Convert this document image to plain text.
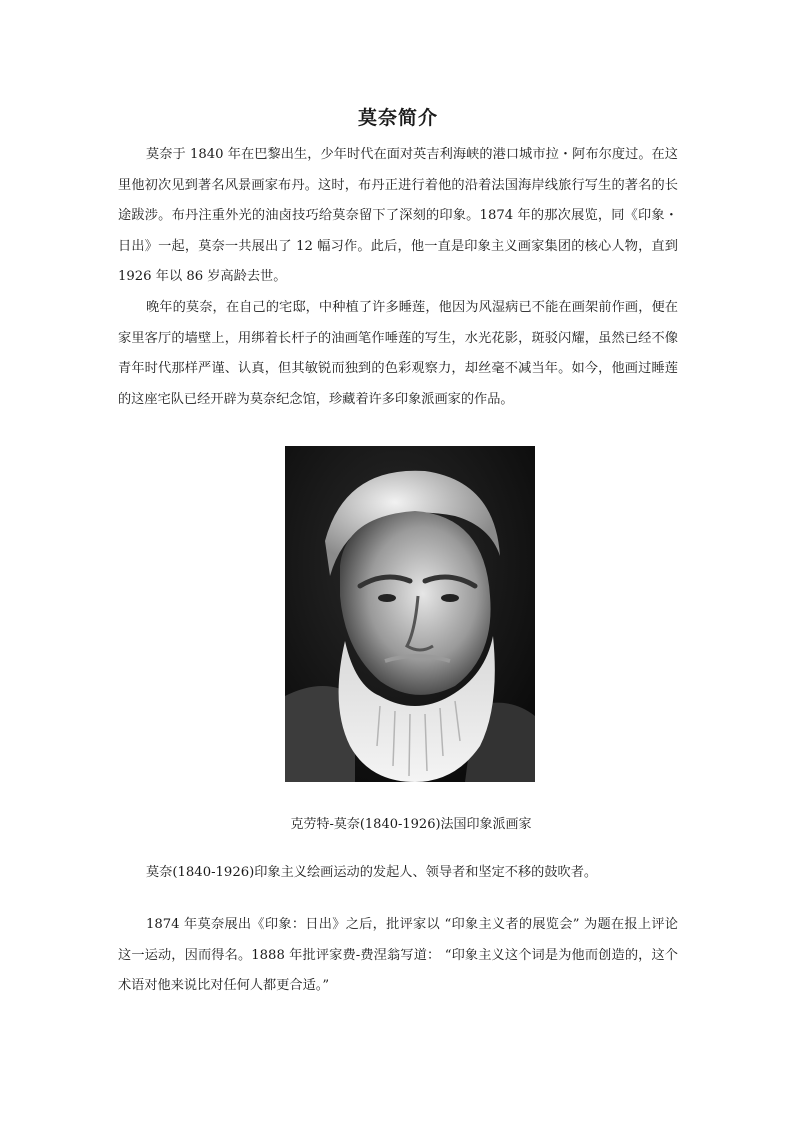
莫奈简介

莫奈于 1840 年在巴黎出生，少年时代在面对英吉利海峡的港口城市拉・阿布尔度过。在这里他初次见到著名风景画家布丹。这时，布丹正进行着他的沿着法国海岸线旅行写生的著名的长途跋涉。布丹注重外光的油卤技巧给莫奈留下了深刻的印象。1874 年的那次展览，同《印象・日出》一起，莫奈一共展出了 12 幅习作。此后，他一直是印象主义画家集团的核心人物，直到 1926 年以 86 岁高龄去世。

晚年的莫奈，在自己的宅邸，中种植了许多睡莲，他因为风湿病已不能在画架前作画，便在家里客厅的墙壁上，用绑着长杆子的油画笔作唾莲的写生，水光花影，斑驳闪耀，虽然已经不像青年时代那样严谨、认真，但其敏锐而独到的色彩观察力，却丝毫不减当年。如今，他画过睡莲的这座宅队已经开辟为莫奈纪念馆，珍藏着许多印象派画家的作品。

克劳特-莫奈(1840-1926)法国印象派画家

莫奈(1840-1926)印象主义绘画运动的发起人、领导者和坚定不移的鼓吹者。

1874 年莫奈展出《印象：日出》之后，批评家以 “印象主义者的展览会” 为题在报上评论这一运动，因而得名。1888 年批评家费-费涅翁写道： “印象主义这个词是为他而创造的，这个术语对他来说比对任何人都更合适。”
